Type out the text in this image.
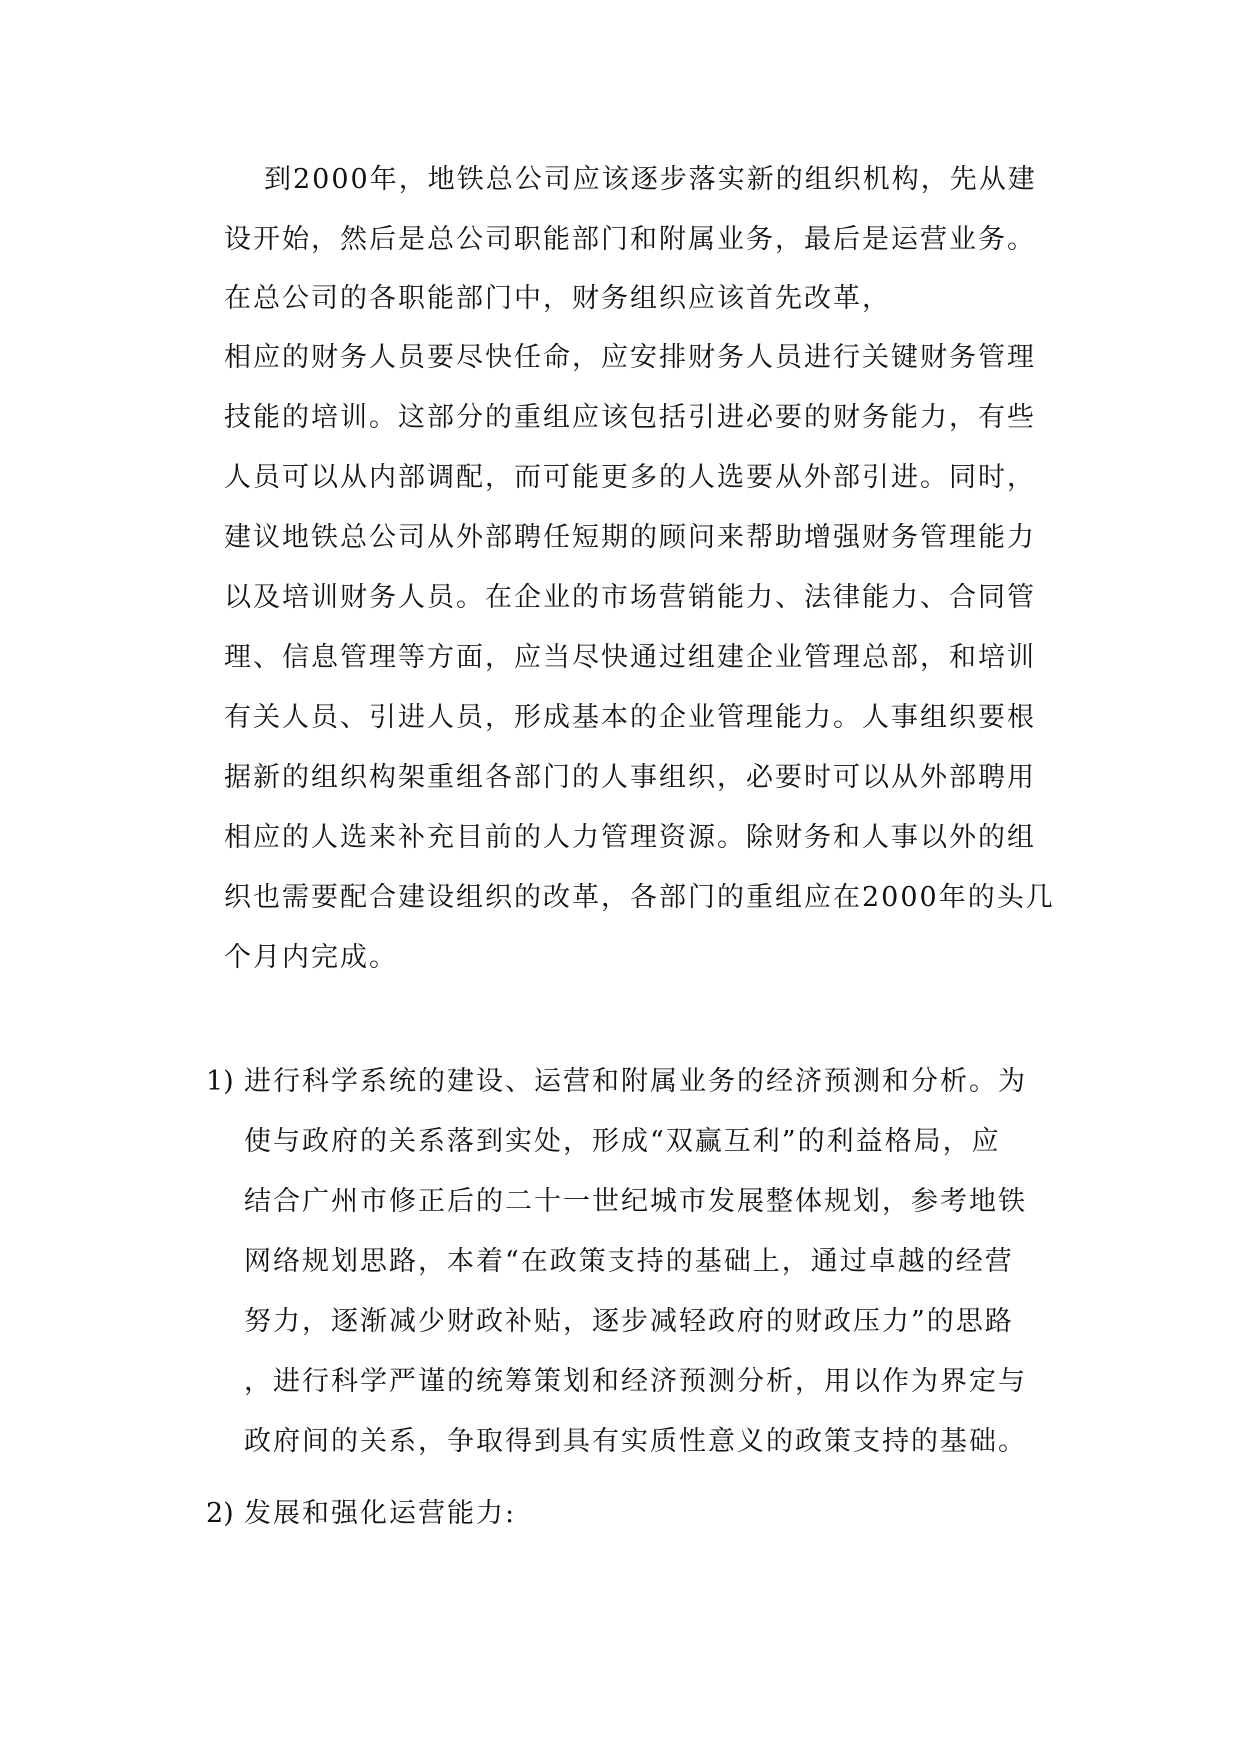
到2000年，地铁总公司应该逐步落实新的组织机构，先从建
设开始，然后是总公司职能部门和附属业务，最后是运营业务。
在总公司的各职能部门中，财务组织应该首先改革，
相应的财务人员要尽快任命，应安排财务人员进行关键财务管理
技能的培训。这部分的重组应该包括引进必要的财务能力，有些
人员可以从内部调配，而可能更多的人选要从外部引进。同时，
建议地铁总公司从外部聘任短期的顾问来帮助增强财务管理能力
以及培训财务人员。在企业的市场营销能力、法律能力、合同管
理、信息管理等方面，应当尽快通过组建企业管理总部，和培训
有关人员、引进人员，形成基本的企业管理能力。人事组织要根
据新的组织构架重组各部门的人事组织，必要时可以从外部聘用
相应的人选来补充目前的人力管理资源。除财务和人事以外的组
织也需要配合建设组织的改革，各部门的重组应在2000年的头几
个月内完成。
1) 进行科学系统的建设、运营和附属业务的经济预测和分析。为
使与政府的关系落到实处，形成“双赢互利”的利益格局，应
结合广州市修正后的二十一世纪城市发展整体规划，参考地铁
网络规划思路，本着“在政策支持的基础上，通过卓越的经营
努力，逐渐减少财政补贴，逐步减轻政府的财政压力”的思路
，进行科学严谨的统筹策划和经济预测分析，用以作为界定与
政府间的关系，争取得到具有实质性意义的政策支持的基础。
2) 发展和强化运营能力:
